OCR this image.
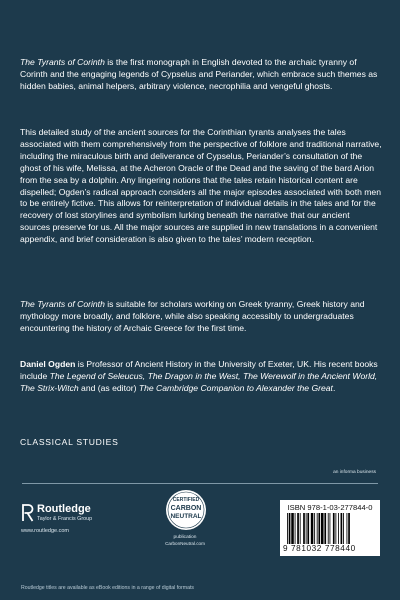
The Tyrants of Corinth is the first monograph in English devoted to the archaic tyranny of Corinth and the engaging legends of Cypselus and Periander, which embrace such themes as hidden babies, animal helpers, arbitrary violence, necrophilia and vengeful ghosts.

This detailed study of the ancient sources for the Corinthian tyrants analyses the tales associated with them comprehensively from the perspective of folklore and traditional narrative, including the miraculous birth and deliverance of Cypselus, Periander’s consultation of the ghost of his wife, Melissa, at the Acheron Oracle of the Dead and the saving of the bard Arion from the sea by a dolphin. Any lingering notions that the tales retain historical content are dispelled; Ogden’s radical approach considers all the major episodes associated with both men to be entirely fictive. This allows for reinterpretation of individual details in the tales and for the recovery of lost storylines and symbolism lurking beneath the narrative that our ancient sources preserve for us. All the major sources are supplied in new translations in a convenient appendix, and brief consideration is also given to the tales’ modern reception.

The Tyrants of Corinth is suitable for scholars working on Greek tyranny, Greek history and mythology more broadly, and folklore, while also speaking accessibly to undergraduates encountering the history of Archaic Greece for the first time.

Daniel Ogden is Professor of Ancient History in the University of Exeter, UK. His recent books include The Legend of Seleucus, The Dragon in the West, The Werewolf in the Ancient World, The Strix-Witch and (as editor) The Cambridge Companion to Alexander the Great.

CLASSICAL STUDIES
an informa business
Routledge
Taylor & Francis Group
www.routledge.com
CERTIFIED
CARBON
NEUTRAL
publication
CarbonNeutral.com
ISBN 978-1-03-277844-0
9 781032 778440
Routledge titles are available as eBook editions in a range of digital formats
